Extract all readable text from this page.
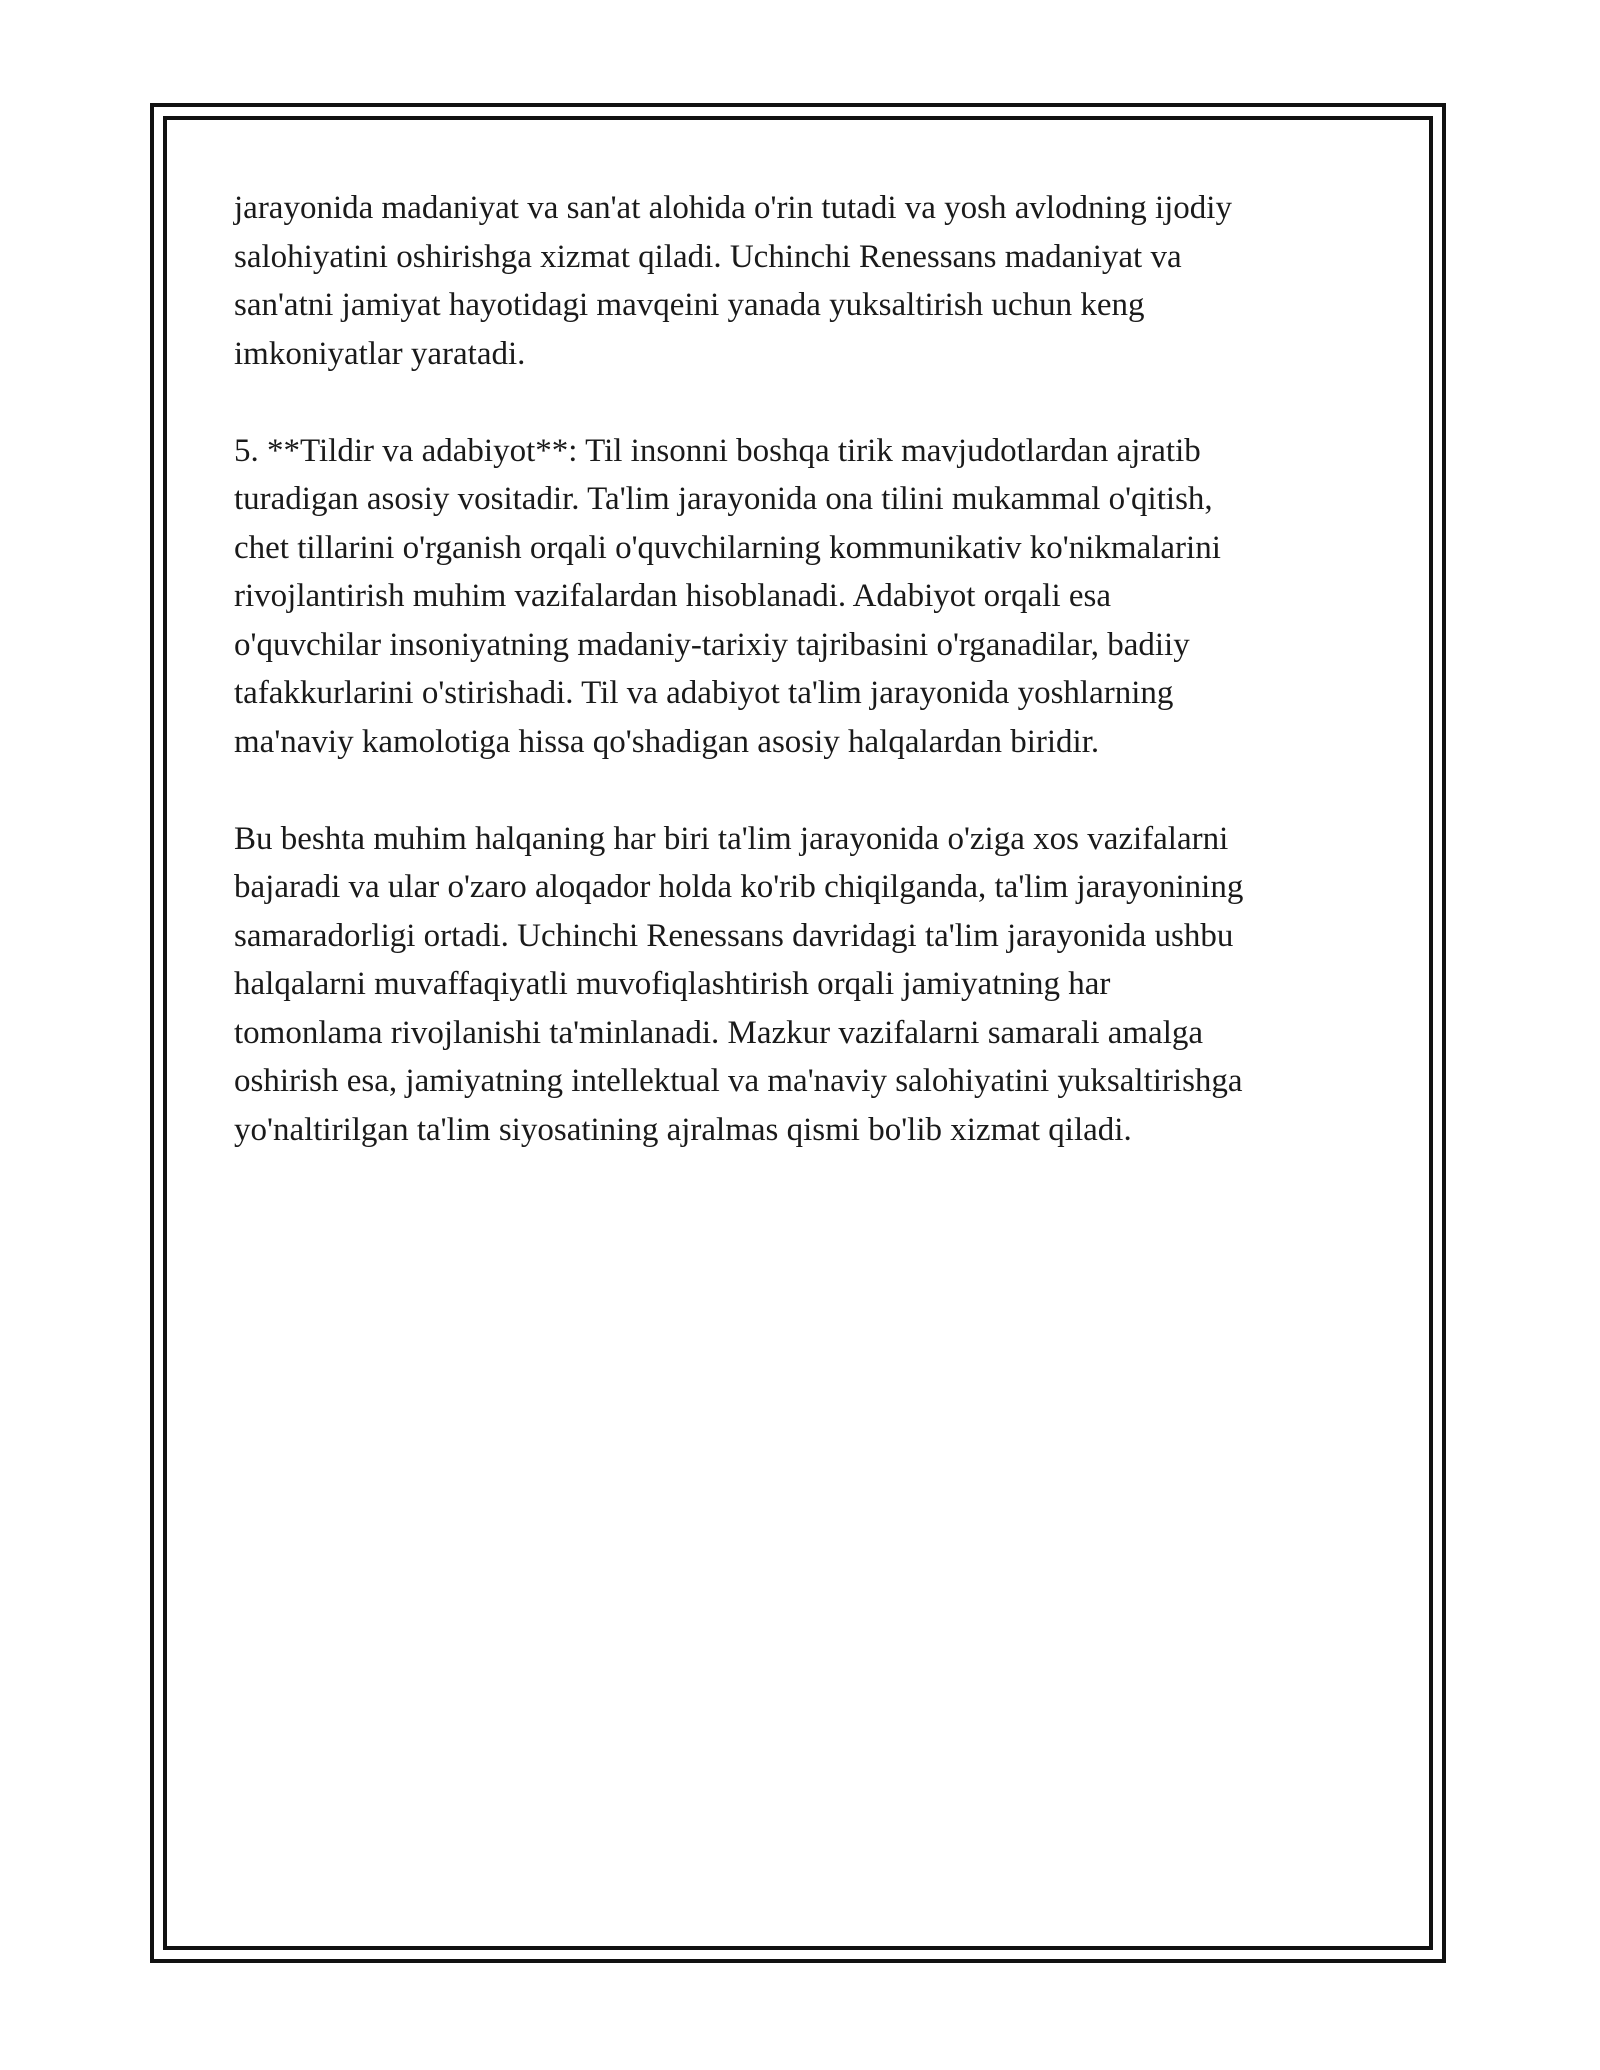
jarayonida madaniyat va san'at alohida o'rin tutadi va yosh avlodning ijodiy
salohiyatini oshirishga xizmat qiladi. Uchinchi Renessans madaniyat va
san'atni jamiyat hayotidagi mavqeini yanada yuksaltirish uchun keng
imkoniyatlar yaratadi.

5. **Tildir va adabiyot**: Til insonni boshqa tirik mavjudotlardan ajratib
turadigan asosiy vositadir. Ta'lim jarayonida ona tilini mukammal o'qitish,
chet tillarini o'rganish orqali o'quvchilarning kommunikativ ko'nikmalarini
rivojlantirish muhim vazifalardan hisoblanadi. Adabiyot orqali esa
o'quvchilar insoniyatning madaniy-tarixiy tajribasini o'rganadilar, badiiy
tafakkurlarini o'stirishadi. Til va adabiyot ta'lim jarayonida yoshlarning
ma'naviy kamolotiga hissa qo'shadigan asosiy halqalardan biridir.

Bu beshta muhim halqaning har biri ta'lim jarayonida o'ziga xos vazifalarni
bajaradi va ular o'zaro aloqador holda ko'rib chiqilganda, ta'lim jarayonining
samaradorligi ortadi. Uchinchi Renessans davridagi ta'lim jarayonida ushbu
halqalarni muvaffaqiyatli muvofiqlashtirish orqali jamiyatning har
tomonlama rivojlanishi ta'minlanadi. Mazkur vazifalarni samarali amalga
oshirish esa, jamiyatning intellektual va ma'naviy salohiyatini yuksaltirishga
yo'naltirilgan ta'lim siyosatining ajralmas qismi bo'lib xizmat qiladi.
